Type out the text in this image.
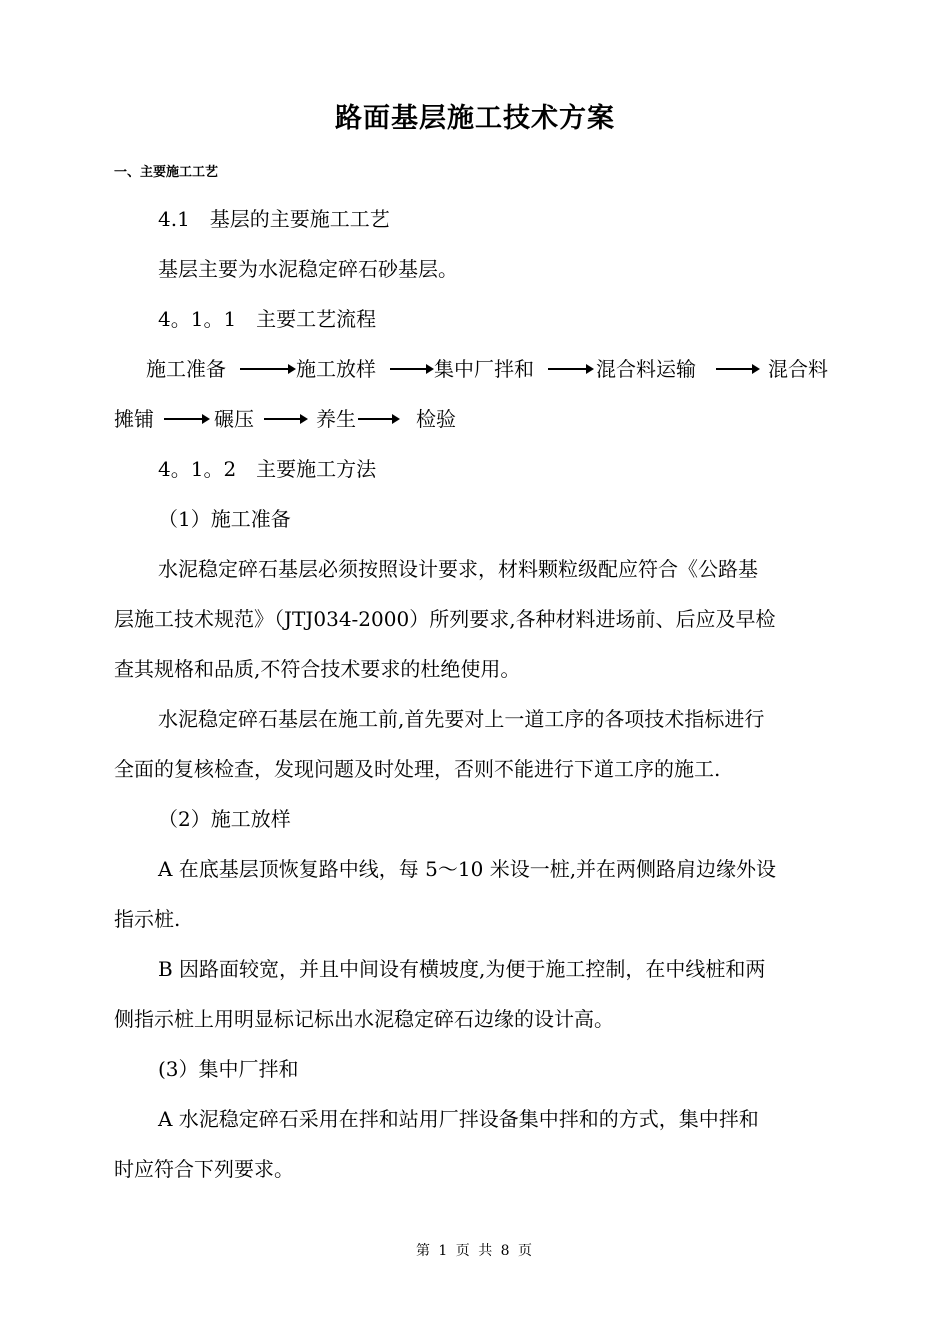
路面基层施工技术方案
一、主要施工工艺
4.1　基层的主要施工工艺
基层主要为水泥稳定碎石砂基层。
4。1。1　主要工艺流程
施工准备	施工放样	集中厂拌和	混合料运输	混合料
摊铺	碾压	养生	检验
4。1。2　主要施工方法
（1）施工准备
水泥稳定碎石基层必须按照设计要求，材料颗粒级配应符合《公路基
层施工技术规范》（JTJ034-2000）所列要求,各种材料进场前、后应及早检
查其规格和品质,不符合技术要求的杜绝使用。
水泥稳定碎石基层在施工前,首先要对上一道工序的各项技术指标进行
全面的复核检查，发现问题及时处理，否则不能进行下道工序的施工.
（2）施工放样
A 在底基层顶恢复路中线，每 5～10 米设一桩,并在两侧路肩边缘外设
指示桩.
B 因路面较宽，并且中间设有横坡度,为便于施工控制，在中线桩和两
侧指示桩上用明显标记标出水泥稳定碎石边缘的设计高。
(3）集中厂拌和
A 水泥稳定碎石采用在拌和站用厂拌设备集中拌和的方式，集中拌和
时应符合下列要求。
第 1 页 共 8 页
